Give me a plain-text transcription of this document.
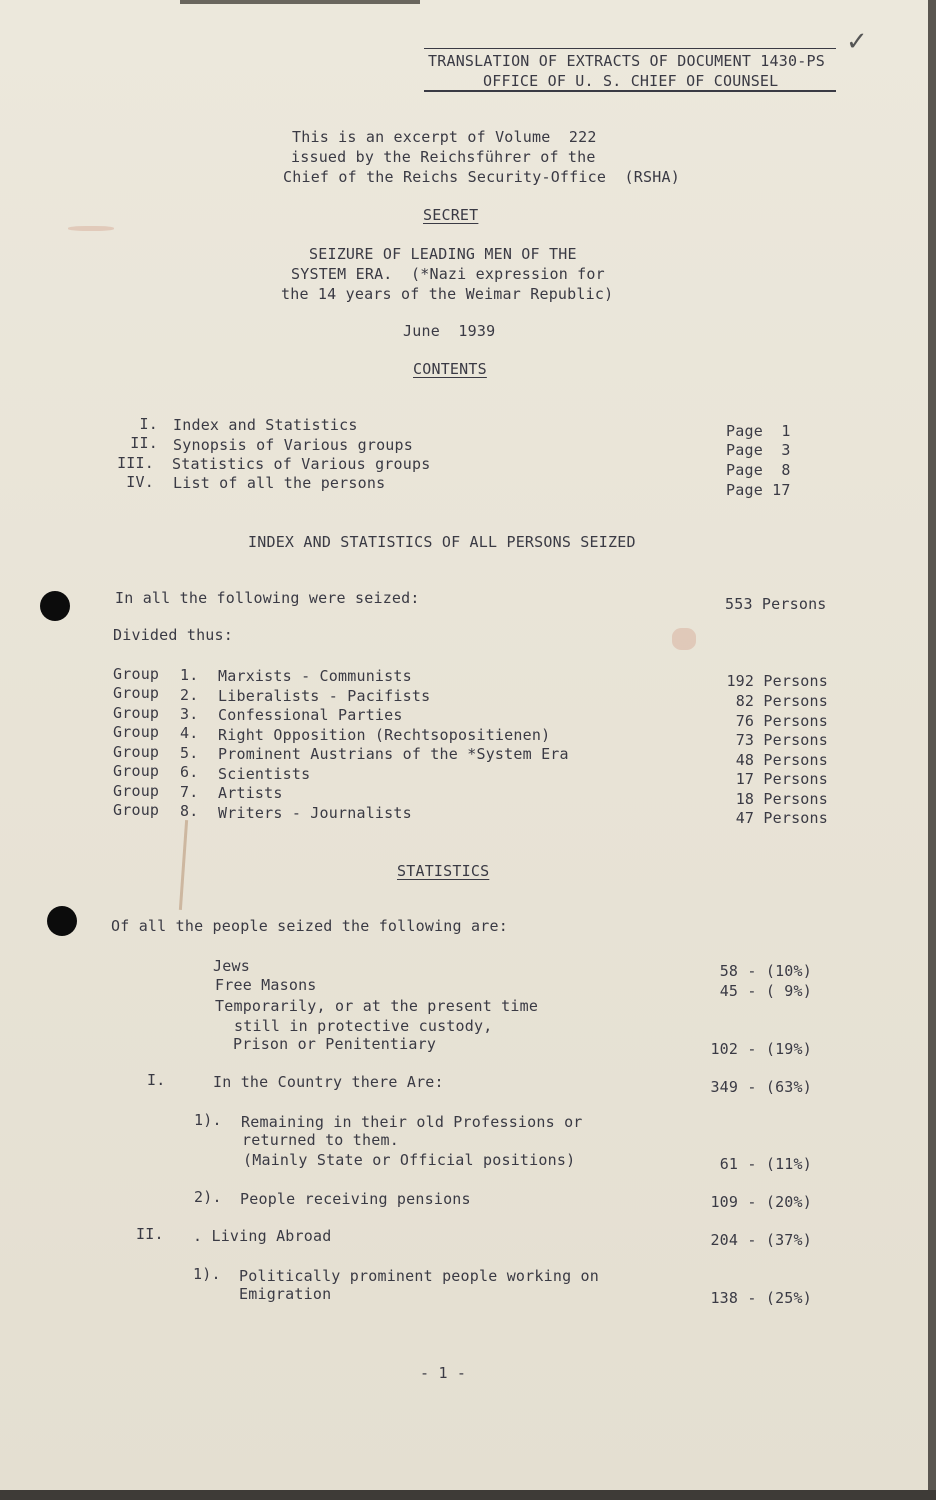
TRANSLATION OF EXTRACTS OF DOCUMENT 1430-PS
OFFICE OF U. S. CHIEF OF COUNSEL
✓
This is an excerpt of Volume  222
issued by the Reichsführer of the
Chief of the Reichs Security-Office  (RSHA)
SECRET
SEIZURE OF LEADING MEN OF THE
SYSTEM ERA.  (*Nazi expression for
the 14 years of the Weimar Republic)
June  1939
CONTENTS
I. Index and Statistics	Page  1
II. Synopsis of Various groups	Page  3
III. Statistics of Various groups	Page  8
IV. List of all the persons	Page 17
INDEX AND STATISTICS OF ALL PERSONS SEIZED
In all the following were seized:	553 Persons
Divided thus:
Group 1. Marxists - Communists	192 Persons
Group 2. Liberalists - Pacifists	82 Persons
Group 3. Confessional Parties	76 Persons
Group 4. Right Opposition (Rechtsopositienen)	73 Persons
Group 5. Prominent Austrians of the *System Era	48 Persons
Group 6. Scientists	17 Persons
Group 7. Artists	18 Persons
Group 8. Writers - Journalists	47 Persons
STATISTICS
Of all the people seized the following are:
Jews	58 - (10%)
Free Masons	45 - ( 9%)
Temporarily, or at the present time
still in protective custody,
Prison or Penitentiary	102 - (19%)
I.	In the Country there Are:	349 - (63%)
1). Remaining in their old Professions or
returned to them.
(Mainly State or Official positions)	61 - (11%)
2). People receiving pensions	109 - (20%)
II. . Living Abroad	204 - (37%)
1). Politically prominent people working on
Emigration	138 - (25%)
- 1 -
